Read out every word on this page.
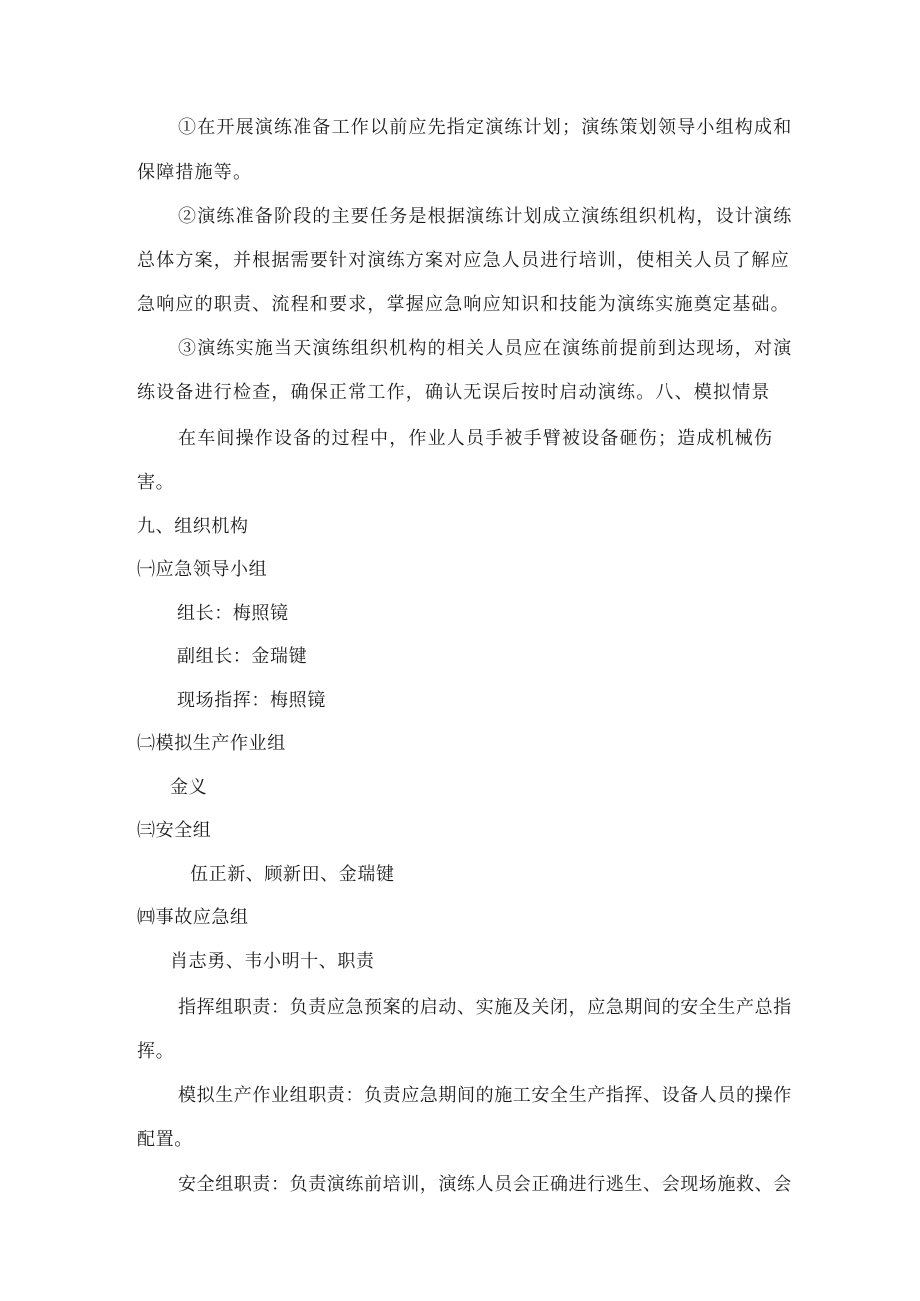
①在开展演练准备工作以前应先指定演练计划；演练策划领导小组构成和
保障措施等。
②演练准备阶段的主要任务是根据演练计划成立演练组织机构，设计演练
总体方案，并根据需要针对演练方案对应急人员进行培训，使相关人员了解应
急响应的职责、流程和要求，掌握应急响应知识和技能为演练实施奠定基础。
③演练实施当天演练组织机构的相关人员应在演练前提前到达现场，对演
练设备进行检查，确保正常工作，确认无误后按时启动演练。八、模拟情景
在车间操作设备的过程中，作业人员手被手臂被设备砸伤；造成机械伤
害。
九、组织机构
㈠应急领导小组
组长：梅照镜
副组长：金瑞键
现场指挥：梅照镜
㈡模拟生产作业组
金义
㈢安全组
伍正新、顾新田、金瑞键
㈣事故应急组
肖志勇、韦小明十、职责
指挥组职责：负责应急预案的启动、实施及关闭，应急期间的安全生产总指
挥。
模拟生产作业组职责：负责应急期间的施工安全生产指挥、设备人员的操作
配置。
安全组职责：负责演练前培训，演练人员会正确进行逃生、会现场施救、会
